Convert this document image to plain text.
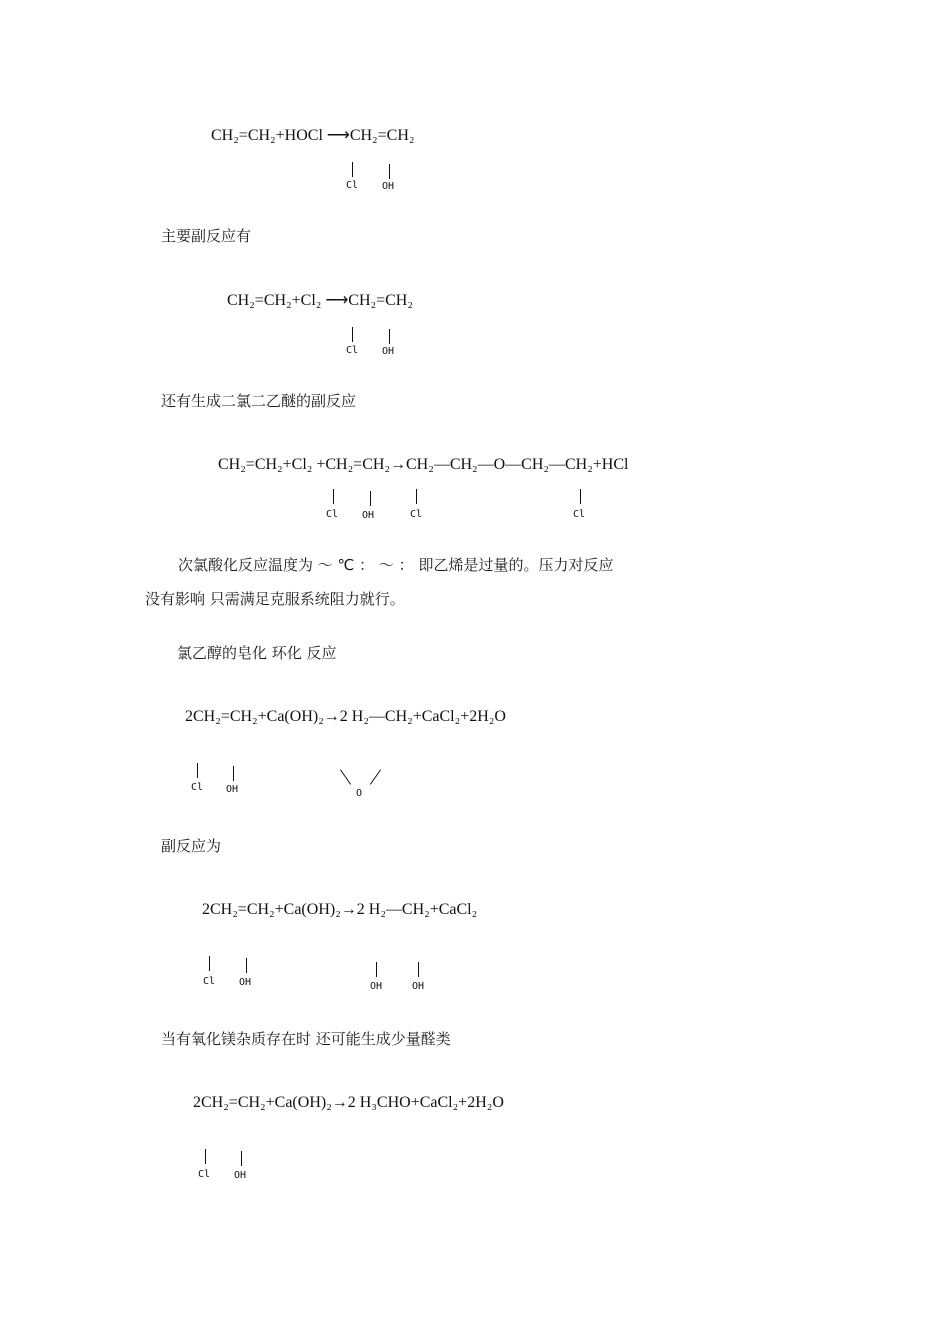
CH₂=CH₂+HOCl ⟶CH₂=CH₂
Cl OH
主要副反应有
CH₂=CH₂+Cl₂ ⟶CH₂=CH₂
Cl OH
还有生成二氯二乙醚的副反应
CH₂=CH₂+Cl₂ +CH₂=CH₂→CH₂—CH₂—O—CH₂—CH₂+HCl
Cl OH	Cl	Cl
次氯酸化反应温度为 ～ ℃ ： ～ ： 即乙烯是过量的。压力对反应
没有影响 只需满足克服系统阻力就行。
氯乙醇的皂化 环化 反应
2CH₂=CH₂+Ca(OH)₂→2 H₂—CH₂+CaCl₂+2H₂O
Cl OH	O
副反应为
2CH₂=CH₂+Ca(OH)₂→2 H₂—CH₂+CaCl₂
Cl OH	OH	OH
当有氧化镁杂质存在时 还可能生成少量醛类
2CH₂=CH₂+Ca(OH)₂→2 H₃CHO+CaCl₂+2H₂O
Cl OH
